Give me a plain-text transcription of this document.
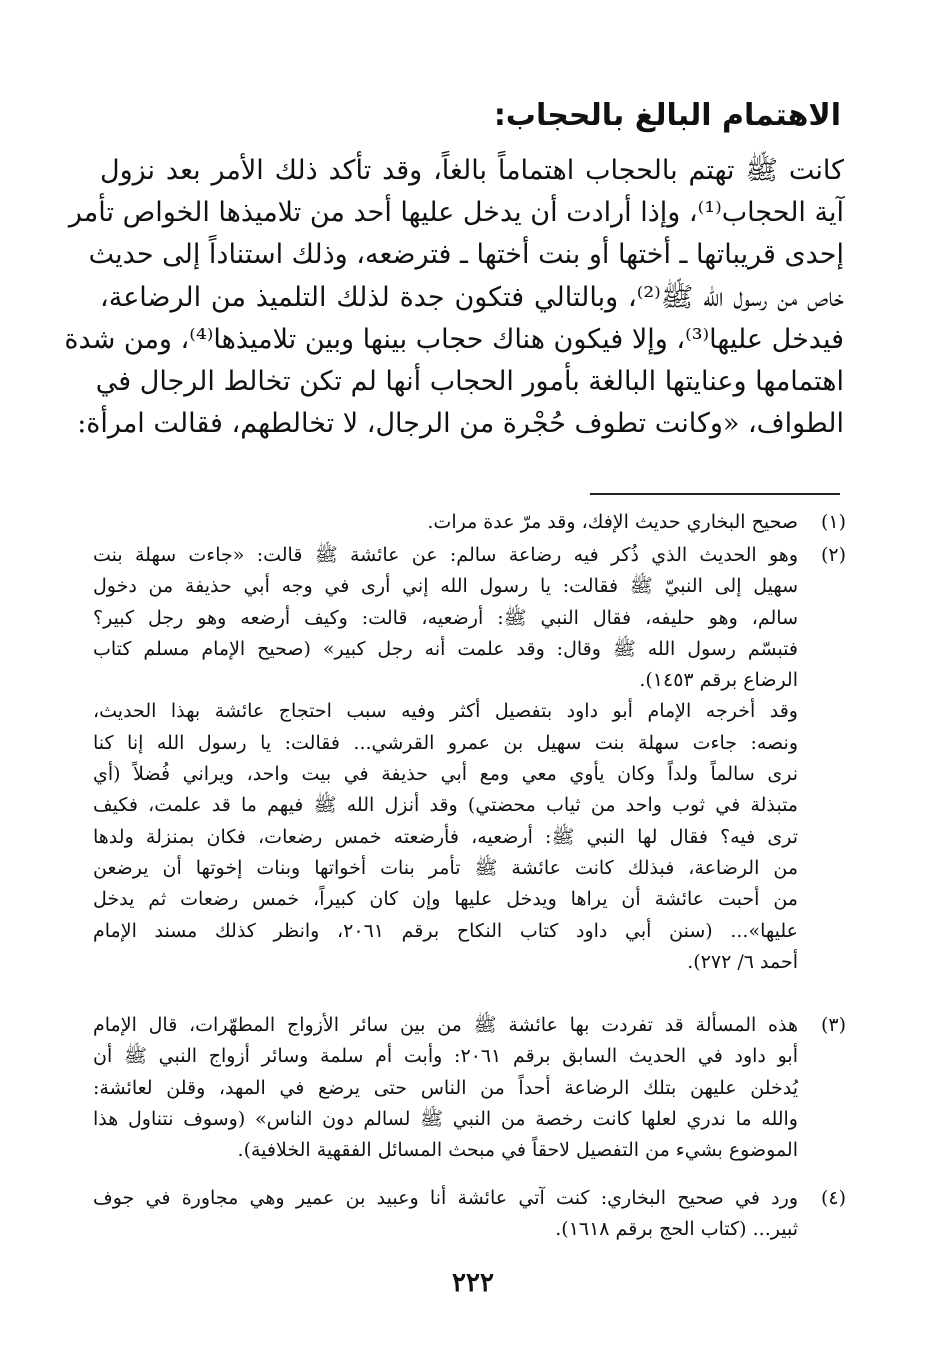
الاهتمام البالغ بالحجاب:
كانت ﷺ تهتم بالحجاب اهتماماً بالغاً، وقد تأكد ذلك الأمر بعد نزول
آية الحجاب⁽¹⁾، وإذا أرادت أن يدخل عليها أحد من تلاميذها الخواص تأمر
إحدى قريباتها ـ أختها أو بنت أختها ـ فترضعه، وذلك استناداً إلى حديث
خاص من رسول الله ﷺ⁽²⁾، وبالتالي فتكون جدة لذلك التلميذ من الرضاعة،
فيدخل عليها⁽³⁾، وإلا فيكون هناك حجاب بينها وبين تلاميذها⁽⁴⁾، ومن شدة
اهتمامها وعنايتها البالغة بأمور الحجاب أنها لم تكن تخالط الرجال في
الطواف، «وكانت تطوف حُجْرة من الرجال، لا تخالطهم، فقالت امرأة:
(١)
صحيح البخاري حديث الإفك، وقد مرّ عدة مرات.
(٢)
وهو الحديث الذي ذُكر فيه رضاعة سالم: عن عائشة ﷺ قالت: «جاءت سهلة بنت
سهيل إلى النبيّ ﷺ فقالت: يا رسول الله إني أرى في وجه أبي حذيفة من دخول
سالم، وهو حليفه، فقال النبي ﷺ: أرضعيه، قالت: وكيف أرضعه وهو رجل كبير؟
فتبسّم رسول الله ﷺ وقال: وقد علمت أنه رجل كبير» (صحيح الإمام مسلم كتاب
الرضاع برقم ١٤٥٣).
وقد أخرجه الإمام أبو داود بتفصيل أكثر وفيه سبب احتجاج عائشة بهذا الحديث،
ونصه: جاءت سهلة بنت سهيل بن عمرو القرشي... فقالت: يا رسول الله إنا كنا
نرى سالماً ولداً وكان يأوي معي ومع أبي حذيفة في بيت واحد، ويراني فُضلاً (أي
متبذلة في ثوب واحد من ثياب محضتي) وقد أنزل الله ﷺ فيهم ما قد علمت، فكيف
ترى فيه؟ فقال لها النبي ﷺ: أرضعيه، فأرضعته خمس رضعات، فكان بمنزلة ولدها
من الرضاعة، فبذلك كانت عائشة ﷺ تأمر بنات أخواتها وبنات إخوتها أن يرضعن
من أحبت عائشة أن يراها ويدخل عليها وإن كان كبيراً، خمس رضعات ثم يدخل
عليها»... (سنن أبي داود كتاب النكاح برقم ٢٠٦١، وانظر كذلك مسند الإمام
أحمد ٦/ ٢٧٢).
(٣)
هذه المسألة قد تفردت بها عائشة ﷺ من بين سائر الأزواج المطهّرات، قال الإمام
أبو داود في الحديث السابق برقم ٢٠٦١: وأبت أم سلمة وسائر أزواج النبي ﷺ أن
يُدخلن عليهن بتلك الرضاعة أحداً من الناس حتى يرضع في المهد، وقلن لعائشة:
والله ما ندري لعلها كانت رخصة من النبي ﷺ لسالم دون الناس» (وسوف نتناول هذا
الموضوع بشيء من التفصيل لاحقاً في مبحث المسائل الفقهية الخلافية).
(٤)
ورد في صحيح البخاري: كنت آتي عائشة أنا وعبيد بن عمير وهي مجاورة في جوف
ثبير... (كتاب الحج برقم ١٦١٨).
٢٢٢
